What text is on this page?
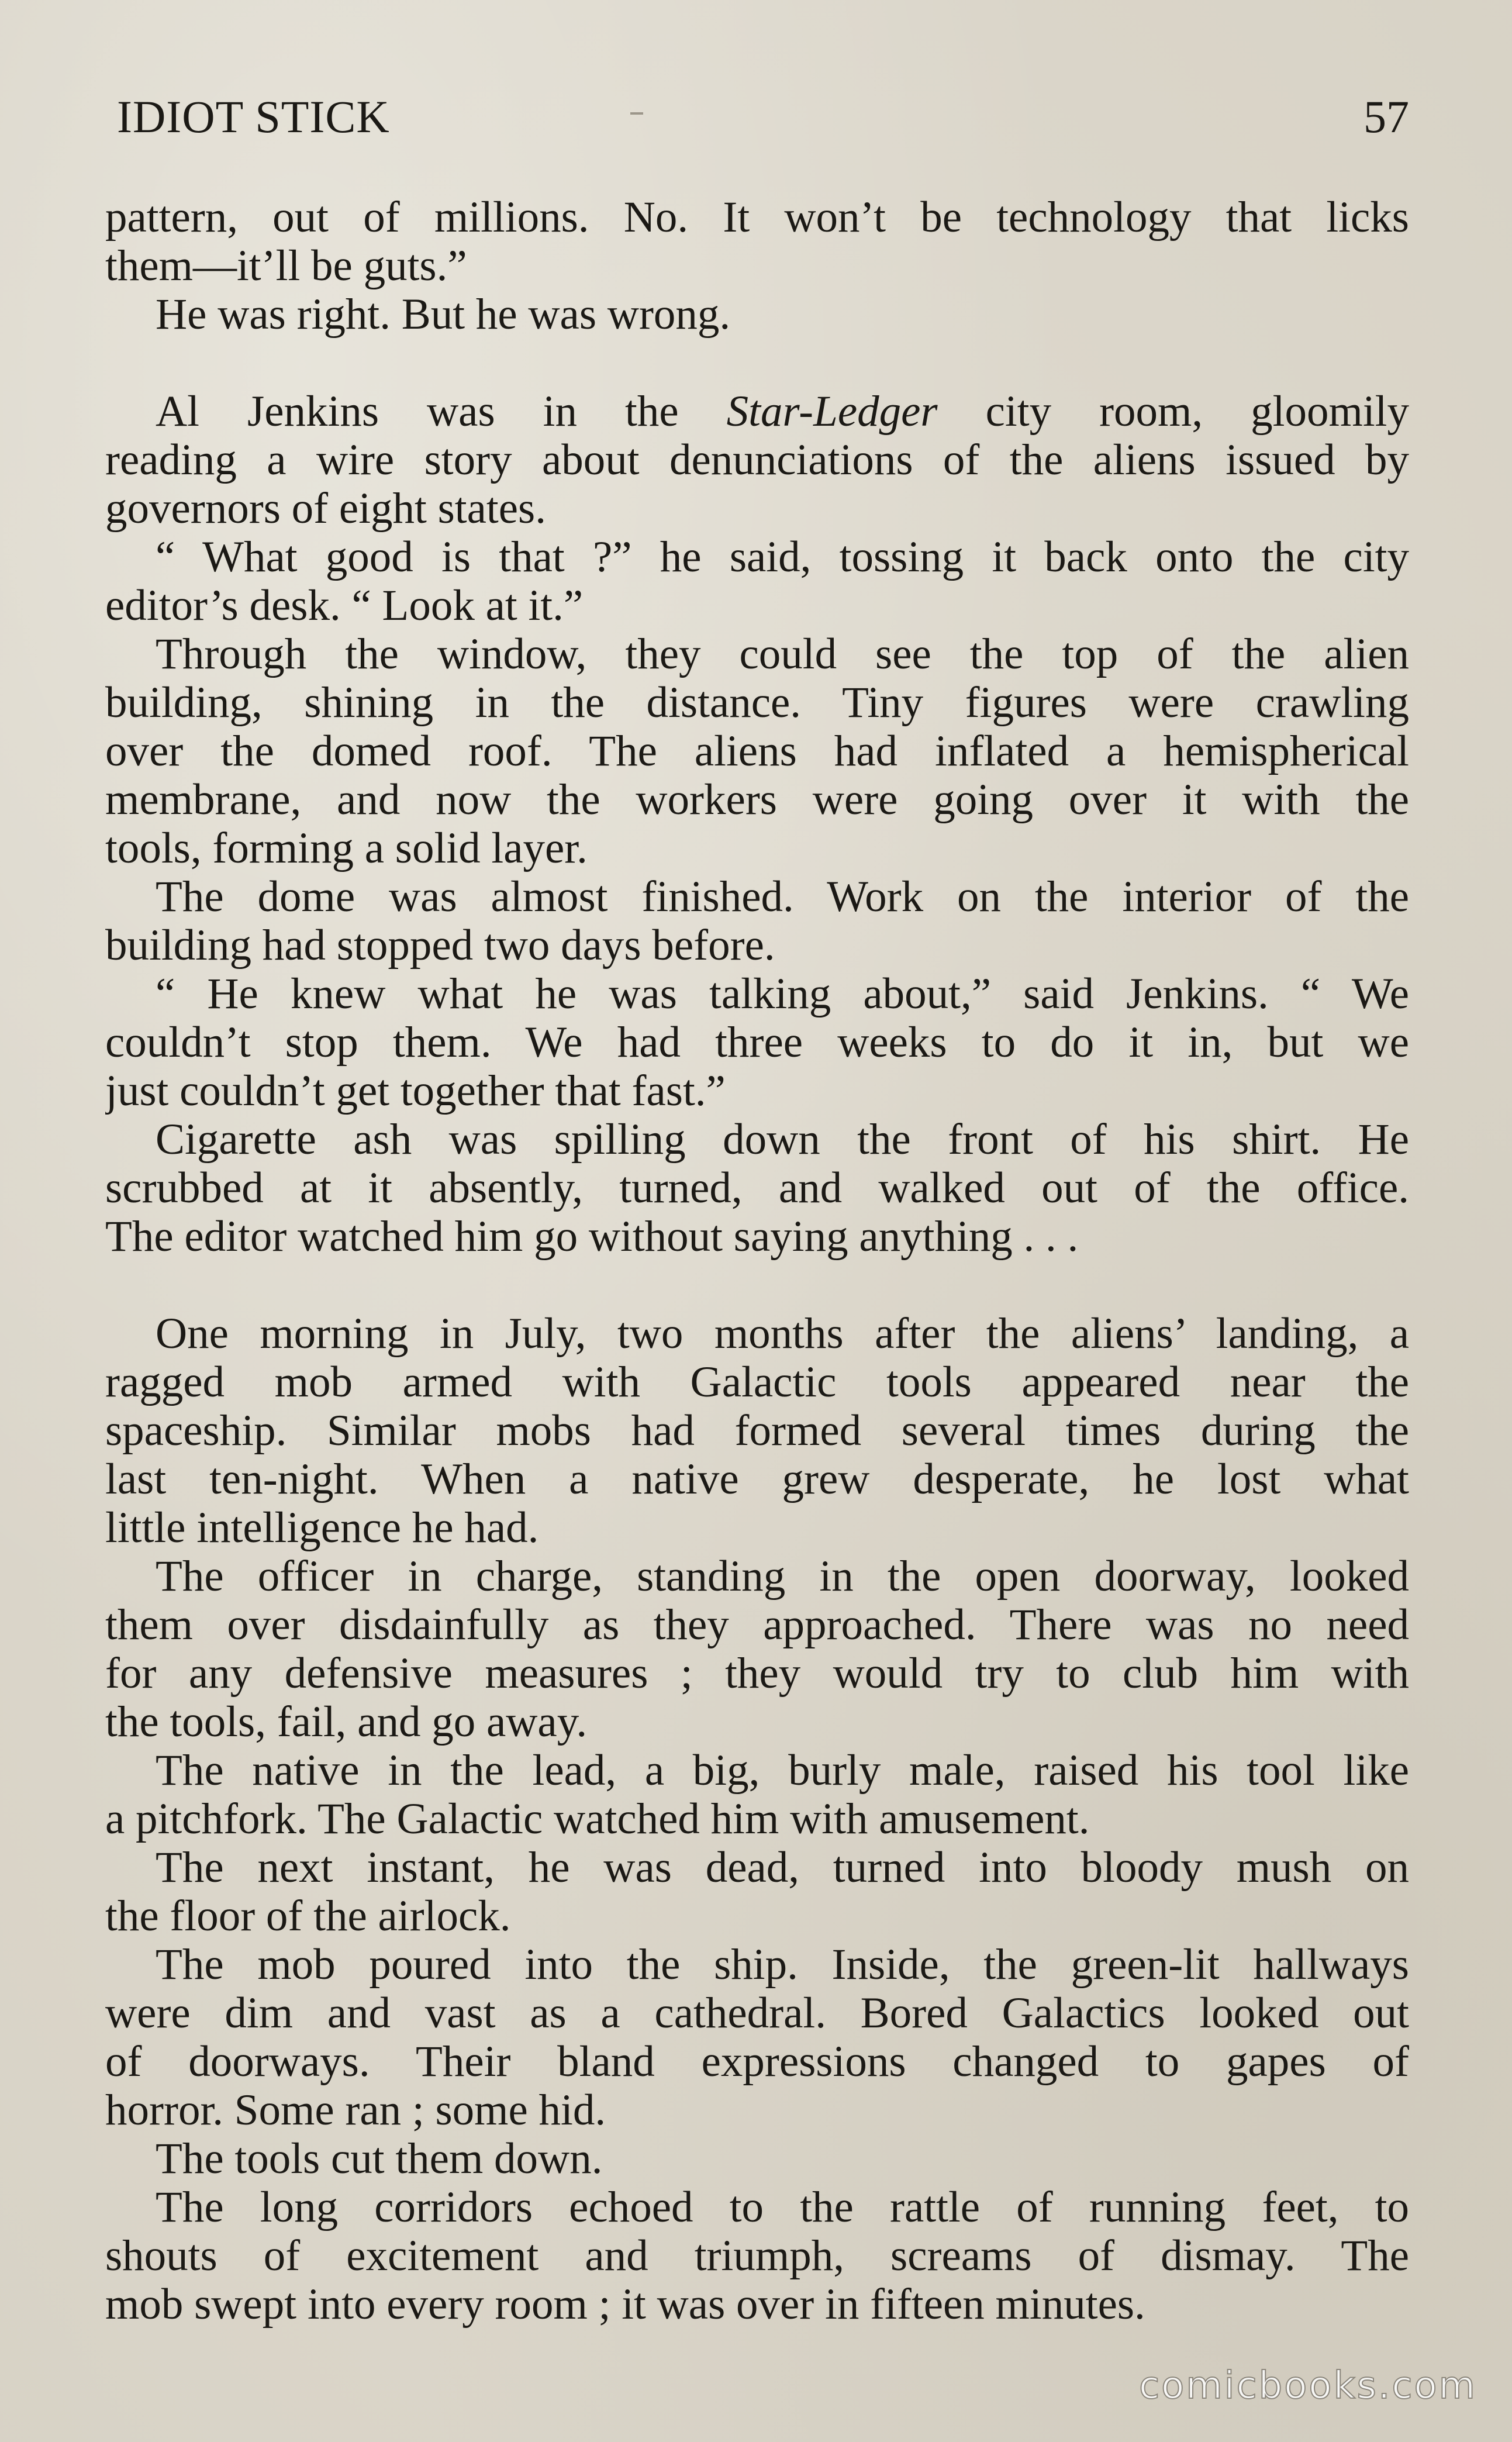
IDIOT STICK	57
pattern, out of millions. No. It won’t be technology that licks
them—it’ll be guts.”
He was right. But he was wrong.
Al Jenkins was in the Star-Ledger city room, gloomily
reading a wire story about denunciations of the aliens issued by
governors of eight states.
“ What good is that ?” he said, tossing it back onto the city
editor’s desk. “ Look at it.”
Through the window, they could see the top of the alien
building, shining in the distance. Tiny figures were crawling
over the domed roof. The aliens had inflated a hemispherical
membrane, and now the workers were going over it with the
tools, forming a solid layer.
The dome was almost finished. Work on the interior of the
building had stopped two days before.
“ He knew what he was talking about,” said Jenkins. “ We
couldn’t stop them. We had three weeks to do it in, but we
just couldn’t get together that fast.”
Cigarette ash was spilling down the front of his shirt. He
scrubbed at it absently, turned, and walked out of the office.
The editor watched him go without saying anything . . .
One morning in July, two months after the aliens’ landing, a
ragged mob armed with Galactic tools appeared near the
spaceship. Similar mobs had formed several times during the
last ten-night. When a native grew desperate, he lost what
little intelligence he had.
The officer in charge, standing in the open doorway, looked
them over disdainfully as they approached. There was no need
for any defensive measures ; they would try to club him with
the tools, fail, and go away.
The native in the lead, a big, burly male, raised his tool like
a pitchfork. The Galactic watched him with amusement.
The next instant, he was dead, turned into bloody mush on
the floor of the airlock.
The mob poured into the ship. Inside, the green-lit hallways
were dim and vast as a cathedral. Bored Galactics looked out
of doorways. Their bland expressions changed to gapes of
horror. Some ran ; some hid.
The tools cut them down.
The long corridors echoed to the rattle of running feet, to
shouts of excitement and triumph, screams of dismay. The
mob swept into every room ; it was over in fifteen minutes.
comicbooks.com
